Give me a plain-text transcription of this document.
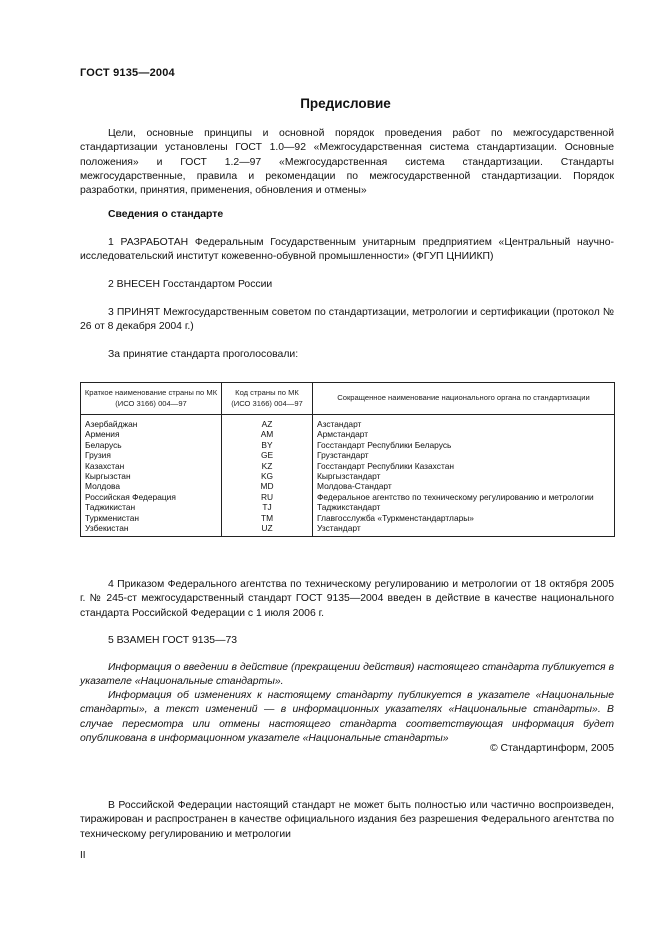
ГОСТ 9135—2004
Предисловие
Цели, основные принципы и основной порядок проведения работ по межгосударственной стандартизации установлены ГОСТ 1.0—92 «Межгосударственная система стандартизации. Основные положения» и ГОСТ 1.2—97 «Межгосударственная система стандартизации. Стандарты межгосударственные, правила и рекомендации по межгосударственной стандартизации. Порядок разработки, принятия, применения, обновления и отмены»
Сведения о стандарте
1 РАЗРАБОТАН Федеральным Государственным унитарным предприятием «Центральный научно-исследовательский институт кожевенно-обувной промышленности» (ФГУП ЦНИИКП)
2 ВНЕСЕН Госстандартом России
3 ПРИНЯТ Межгосударственным советом по стандартизации, метрологии и сертификации (протокол № 26 от 8 декабря 2004 г.)
За принятие стандарта проголосовали:
Краткое наименование страны по МК (ИСО 3166) 004—97	Код страны по МК (ИСО 3166) 004—97	Сокращенное наименование национального органа по стандартизации
Азербайджан	AZ	Азстандарт
Армения	AM	Армстандарт
Беларусь	BY	Госстандарт Республики Беларусь
Грузия	GE	Грузстандарт
Казахстан	KZ	Госстандарт Республики Казахстан
Кыргызстан	KG	Кыргызстандарт
Молдова	MD	Молдова-Стандарт
Российская Федерация	RU	Федеральное агентство по техническому регулированию и метрологии
Таджикистан	TJ	Таджикстандарт
Туркменистан	TM	Главгосслужба «Туркменстандартлары»
Узбекистан	UZ	Узстандарт
4 Приказом Федерального агентства по техническому регулированию и метрологии от 18 октября 2005 г. № 245-ст межгосударственный стандарт ГОСТ 9135—2004 введен в действие в качестве национального стандарта Российской Федерации с 1 июля 2006 г.
5 ВЗАМЕН ГОСТ 9135—73
Информация о введении в действие (прекращении действия) настоящего стандарта публикуется в указателе «Национальные стандарты».
Информация об изменениях к настоящему стандарту публикуется в указателе «Национальные стандарты», а текст изменений — в информационных указателях «Национальные стандарты». В случае пересмотра или отмены настоящего стандарта соответствующая информация будет опубликована в информационном указателе «Национальные стандарты»
© Стандартинформ, 2005
В Российской Федерации настоящий стандарт не может быть полностью или частично воспроизведен, тиражирован и распространен в качестве официального издания без разрешения Федерального агентства по техническому регулированию и метрологии
II
